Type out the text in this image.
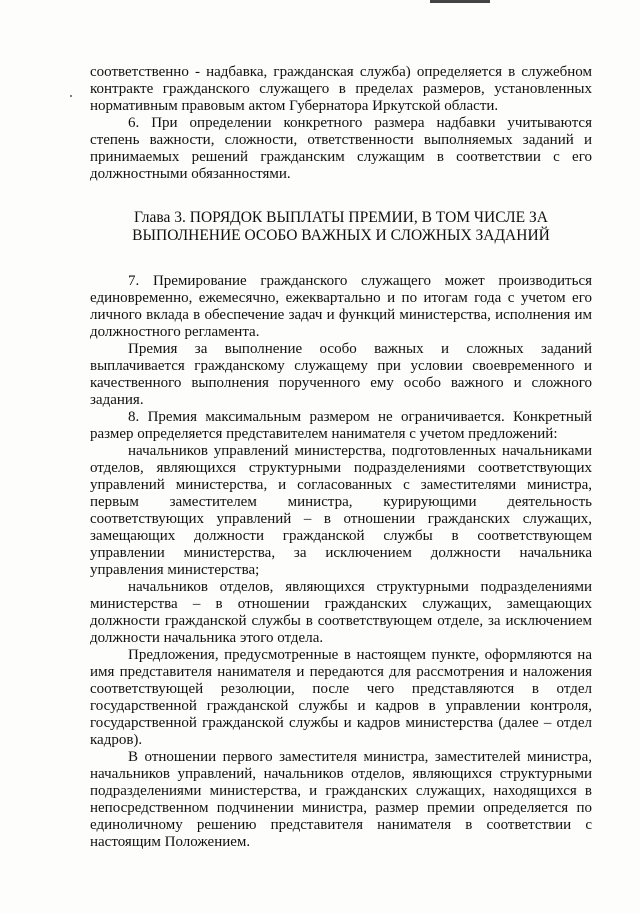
соответственно - надбавка, гражданская служба) определяется в служебном контракте гражданского служащего в пределах размеров, установленных нормативным правовым актом Губернатора Иркутской области.

6. При определении конкретного размера надбавки учитываются степень важности, сложности, ответственности выполняемых заданий и принимаемых решений гражданским служащим в соответствии с его должностными обязанностями.

Глава 3. ПОРЯДОК ВЫПЛАТЫ ПРЕМИИ, В ТОМ ЧИСЛЕ ЗА ВЫПОЛНЕНИЕ ОСОБО ВАЖНЫХ И СЛОЖНЫХ ЗАДАНИЙ

7. Премирование гражданского служащего может производиться единовременно, ежемесячно, ежеквартально и по итогам года с учетом его личного вклада в обеспечение задач и функций министерства, исполнения им должностного регламента.

Премия за выполнение особо важных и сложных заданий выплачивается гражданскому служащему при условии своевременного и качественного выполнения порученного ему особо важного и сложного задания.

8. Премия максимальным размером не ограничивается. Конкретный размер определяется представителем нанимателя с учетом предложений:

начальников управлений министерства, подготовленных начальниками отделов, являющихся структурными подразделениями соответствующих управлений министерства, и согласованных с заместителями министра, первым заместителем министра, курирующими деятельность соответствующих управлений – в отношении гражданских служащих, замещающих должности гражданской службы в соответствующем управлении министерства, за исключением должности начальника управления министерства;

начальников отделов, являющихся структурными подразделениями министерства – в отношении гражданских служащих, замещающих должности гражданской службы в соответствующем отделе, за исключением должности начальника этого отдела.

Предложения, предусмотренные в настоящем пункте, оформляются на имя представителя нанимателя и передаются для рассмотрения и наложения соответствующей резолюции, после чего представляются в отдел государственной гражданской службы и кадров в управлении контроля, государственной гражданской службы и кадров министерства (далее – отдел кадров).

В отношении первого заместителя министра, заместителей министра, начальников управлений, начальников отделов, являющихся структурными подразделениями министерства, и гражданских служащих, находящихся в непосредственном подчинении министра, размер премии определяется по единоличному решению представителя нанимателя в соответствии с настоящим Положением.
